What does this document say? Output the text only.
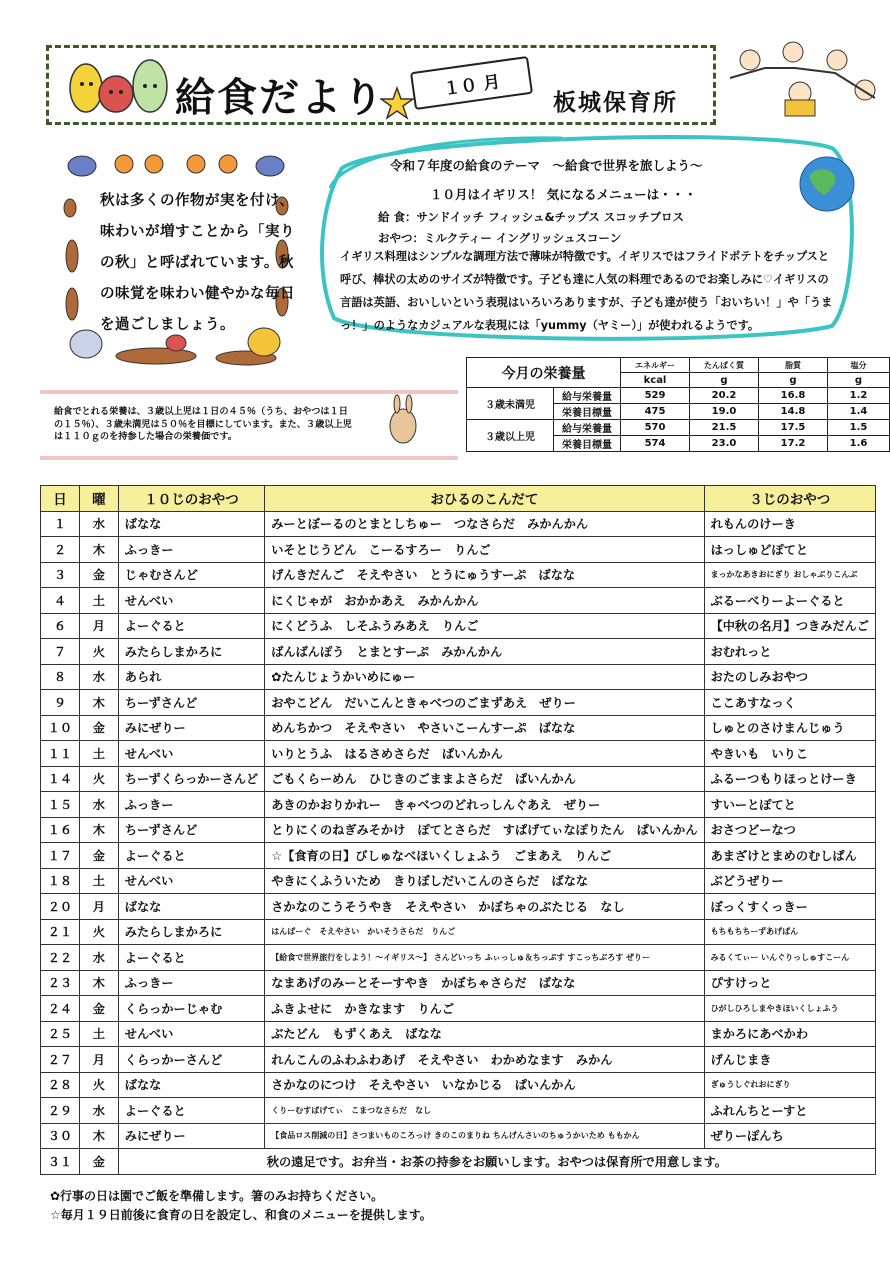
給食だより	１０ 月
板城保育所
秋は多くの作物が実を付け、味わいが増すことから「実りの秋」と呼ばれています。秋の味覚を味わい健やかな毎日を過ごしましょう。
令和７年度の給食のテーマ　～給食で世界を旅しよう～
１０月はイギリス！ 気になるメニューは・・・
給 食：サンドイッチ フィッシュ&チップス スコッチブロス
おやつ：ミルクティー イングリッシュスコーン
イギリス料理はシンプルな調理方法で薄味が特徴です。イギリスではフライドポテトをチップスと呼び、棒状の太めのサイズが特徴です。子ども達に人気の料理であるのでお楽しみに♡イギリスの言語は英語、おいしいという表現はいろいろありますが、子ども達が使う「おいちい！」や「うまっ！」のようなカジュアルな表現には「yummy（ヤミー）」が使われるようです。
今月の栄養量		エネルギー	たんぱく質	脂質	塩分
		kcal	g	g	g
３歳未満児	給与栄養量	529	20.2	16.8	1.2
	栄養目標量	475	19.0	14.8	1.4
３歳以上児	給与栄養量	570	21.5	17.5	1.5
	栄養目標量	574	23.0	17.2	1.6
給食でとれる栄養は、３歳以上児は１日の４５％（うち、おやつは１日の１５％）、３歳未満児は５０％を目標にしています。また、３歳以上児は１１０ｇのを持参した場合の栄養価です。
日	曜	１０じのおやつ	おひるのこんだて	３じのおやつ
１	水	ばなな	みーとぼーるのとまとしちゅー　つなさらだ　みかんかん	れもんのけーき
２	木	ふっきー	いそとじうどん　こーるすろー　りんご	はっしゅどぽてと
３	金	じゃむさんど	げんきだんご　そえやさい　とうにゅうすーぷ　ばなな	まっかなあきおにぎり おしゃぶりこんぶ
４	土	せんべい	にくじゃが　おかかあえ　みかんかん	ぶるーべりーよーぐると
６	月	よーぐると	にくどうふ　しそふうみあえ　りんご	【中秋の名月】つきみだんご
７	火	みたらしまかろに	ばんばんぽう　とまとすーぷ　みかんかん	おむれっと
８	水	あられ	✿たんじょうかいめにゅー	おたのしみおやつ
９	木	ちーずさんど	おやこどん　だいこんときゃべつのごまずあえ　ぜりー	ここあすなっく
１０	金	みにぜりー	めんちかつ　そえやさい　やさいこーんすーぷ　ばなな	しゅとのさけまんじゅう
１１	土	せんべい	いりとうふ　はるさめさらだ　ぱいんかん	やきいも　いりこ
１４	火	ちーずくらっかーさんど	ごもくらーめん　ひじきのごままよさらだ　ぱいんかん	ふるーつもりほっとけーき
１５	水	ふっきー	あきのかおりかれー　きゃべつのどれっしんぐあえ　ぜりー	すいーとぽてと
１６	木	ちーずさんど	とりにくのねぎみそかけ　ぽてとさらだ　すぱげてぃなぽりたん　ぱいんかん	おさつどーなつ
１７	金	よーぐると	☆【食育の日】びしゅなべほいくしょふう　ごまあえ　りんご	あまざけとまめのむしぱん
１８	土	せんべい	やきにくふういため　きりぼしだいこんのさらだ　ばなな	ぶどうぜりー
２０	月	ばなな	さかなのこうそうやき　そえやさい　かぼちゃのぶたじる　なし	ぼっくすくっきー
２１	火	みたらしまかろに	はんばーぐ　そえやさい　かいそうさらだ　りんご	もちもちちーずあげぱん
２２	水	よーぐると	【給食で世界旅行をしよう！～イギリス～】 さんどいっち ふぃっしゅ＆ちっぷす すこっちぶろす ぜりー	みるくてぃー いんぐりっしゅすこーん
２３	木	ふっきー	なまあげのみーとそーすやき　かぼちゃさらだ　ばなな	ぴすけっと
２４	金	くらっかーじゃむ	ふきよせに　かきなます　りんご	ひがしひろしまやきほいくしょふう
２５	土	せんべい	ぶたどん　もずくあえ　ばなな	まかろにあべかわ
２７	月	くらっかーさんど	れんこんのふわふわあげ　そえやさい　わかめなます　みかん	げんじまき
２８	火	ばなな	さかなのにつけ　そえやさい　いなかじる　ぱいんかん	ぎゅうしぐれおにぎり
２９	水	よーぐると	くりーむすぱげてぃ　こまつなさらだ　なし	ふれんちとーすと
３０	木	みにぜりー	【食品ロス削減の日】さつまいものころっけ きのこのまりね ちんげんさいのちゅうかいため ももかん	ぜりーぽんち
３１	金	秋の遠足です。お弁当・お茶の持参をお願いします。おやつは保育所で用意します。		
✿行事の日は園でご飯を準備します。箸のみお持ちください。
☆毎月１９日前後に食育の日を設定し、和食のメニューを提供します。
